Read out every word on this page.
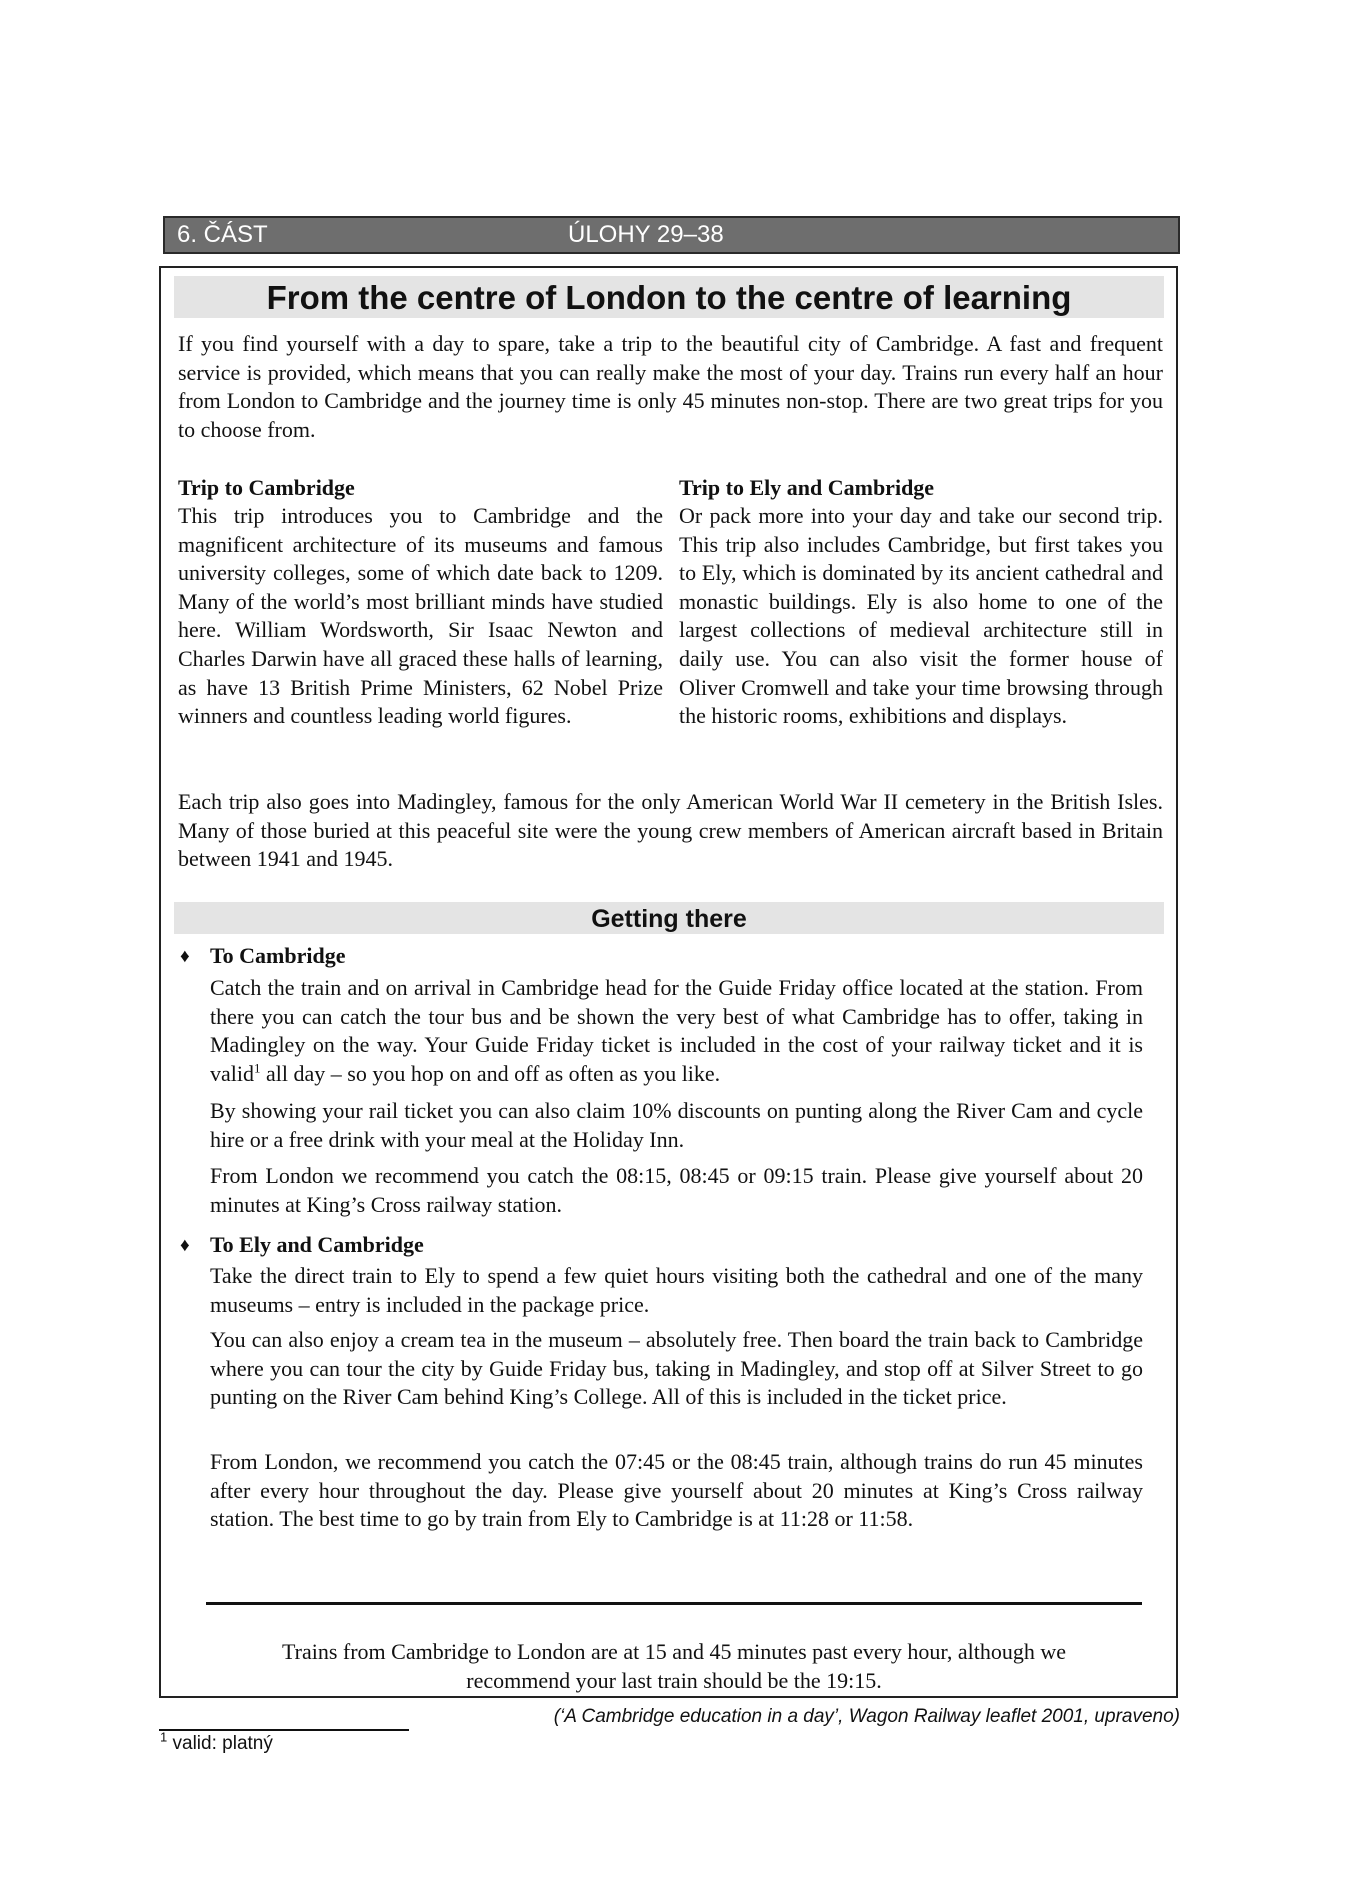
6. ČÁST	ÚLOHY 29–38
From the centre of London to the centre of learning

If you find yourself with a day to spare, take a trip to the beautiful city of Cambridge. A fast and frequent service is provided, which means that you can really make the most of your day. Trains run every half an hour from London to Cambridge and the journey time is only 45 minutes non-stop. There are two great trips for you to choose from.

Trip to Cambridge

This trip introduces you to Cambridge and the magnificent architecture of its museums and famous university colleges, some of which date back to 1209. Many of the world’s most brilliant minds have studied here. William Wordsworth, Sir Isaac Newton and Charles Darwin have all graced these halls of learning, as have 13 British Prime Ministers, 62 Nobel Prize winners and countless leading world figures.

Trip to Ely and Cambridge

Or pack more into your day and take our second trip. This trip also includes Cambridge, but first takes you to Ely, which is dominated by its ancient cathedral and monastic buildings. Ely is also home to one of the largest collections of medieval architecture still in daily use. You can also visit the former house of Oliver Cromwell and take your time browsing through the historic rooms, exhibitions and displays.

Each trip also goes into Madingley, famous for the only American World War II cemetery in the British Isles. Many of those buried at this peaceful site were the young crew members of American aircraft based in Britain between 1941 and 1945.

Getting there
♦ To Cambridge

Catch the train and on arrival in Cambridge head for the Guide Friday office located at the station. From there you can catch the tour bus and be shown the very best of what Cambridge has to offer, taking in Madingley on the way. Your Guide Friday ticket is included in the cost of your railway ticket and it is valid$^1$ all day – so you hop on and off as often as you like.

By showing your rail ticket you can also claim 10% discounts on punting along the River Cam and cycle hire or a free drink with your meal at the Holiday Inn.

From London we recommend you catch the 08:15, 08:45 or 09:15 train. Please give yourself about 20 minutes at King’s Cross railway station.

♦ To Ely and Cambridge

Take the direct train to Ely to spend a few quiet hours visiting both the cathedral and one of the many museums – entry is included in the package price.

You can also enjoy a cream tea in the museum – absolutely free. Then board the train back to Cambridge where you can tour the city by Guide Friday bus, taking in Madingley, and stop off at Silver Street to go punting on the River Cam behind King’s College. All of this is included in the ticket price.

From London, we recommend you catch the 07:45 or the 08:45 train, although trains do run 45 minutes after every hour throughout the day. Please give yourself about 20 minutes at King’s Cross railway station. The best time to go by train from Ely to Cambridge is at 11:28 or 11:58.

Trains from Cambridge to London are at 15 and 45 minutes past every hour, although we
recommend your last train should be the 19:15.
(‘A Cambridge education in a day’, Wagon Railway leaflet 2001, upraveno)
$^1$ valid: platný
